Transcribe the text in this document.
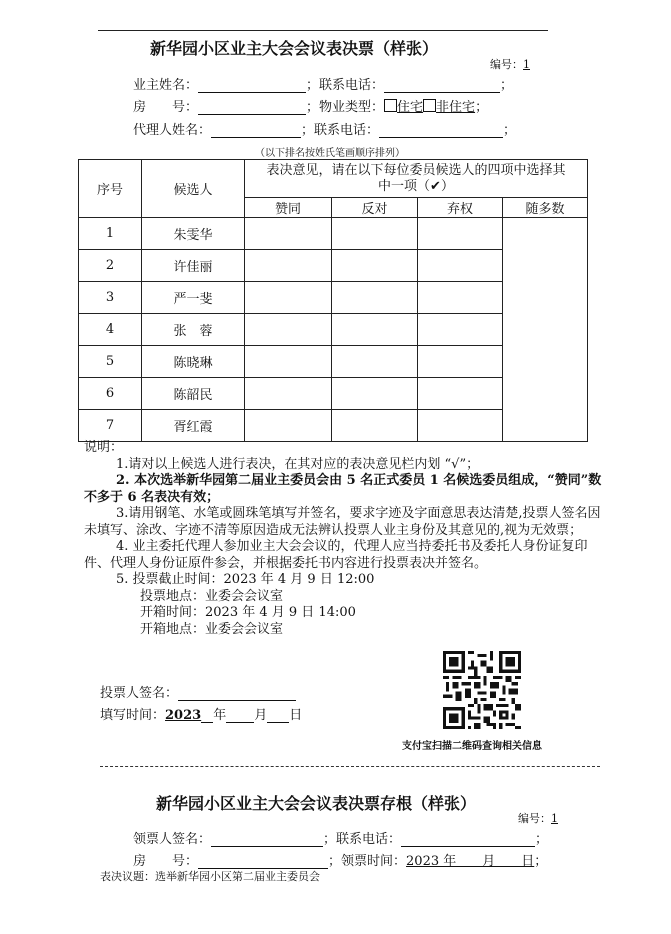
新华园小区业主大会会议表决票（样张）
编号：1
业主姓名：	；联系电话：	；
房　　号：	；物业类型： 住宅 非住宅；
代理人姓名：	；联系电话：	；
（以下排名按姓氏笔画顺序排列）
序号	候选人	表决意见，请在以下每位委员候选人的四项中选择其中一项（✔）			
		赞同	反对	弃权	随多数
1	朱雯华				
2	许佳丽				
3	严一斐				
4	张　蓉				
5	陈晓琳				
6	陈韶民				
7	胥红霞				

说明：

1.请对以上候选人进行表决，在其对应的表决意见栏内划 “√”；

2. 本次选举新华园第二届业主委员会由 5 名正式委员 1 名候选委员组成，“赞同”数不多于 6 名表决有效；

3.请用钢笔、水笔或圆珠笔填写并签名，要求字迹及字面意思表达清楚,投票人签名因未填写、涂改、字迹不清等原因造成无法辨认投票人业主身份及其意见的,视为无效票；

4. 业主委托代理人参加业主大会会议的，代理人应当持委托书及委托人身份证复印件、代理人身份证原件参会，并根据委托书内容进行投票表决并签名。

5. 投票截止时间：2023 年 4 月 9 日 12:00

投票地点：业委会会议室

开箱时间：2023 年 4 月 9 日 14:00

开箱地点：业委会会议室

投票人签名：
填写时间：2023 年 月 日
支付宝扫描二维码查询相关信息
新华园小区业主大会会议表决票存根（样张）
编号：1
领票人签名：	；联系电话：	；
房　　号：	；领票时间：2023 年　　月　　日；
表决议题：选举新华园小区第二届业主委员会
